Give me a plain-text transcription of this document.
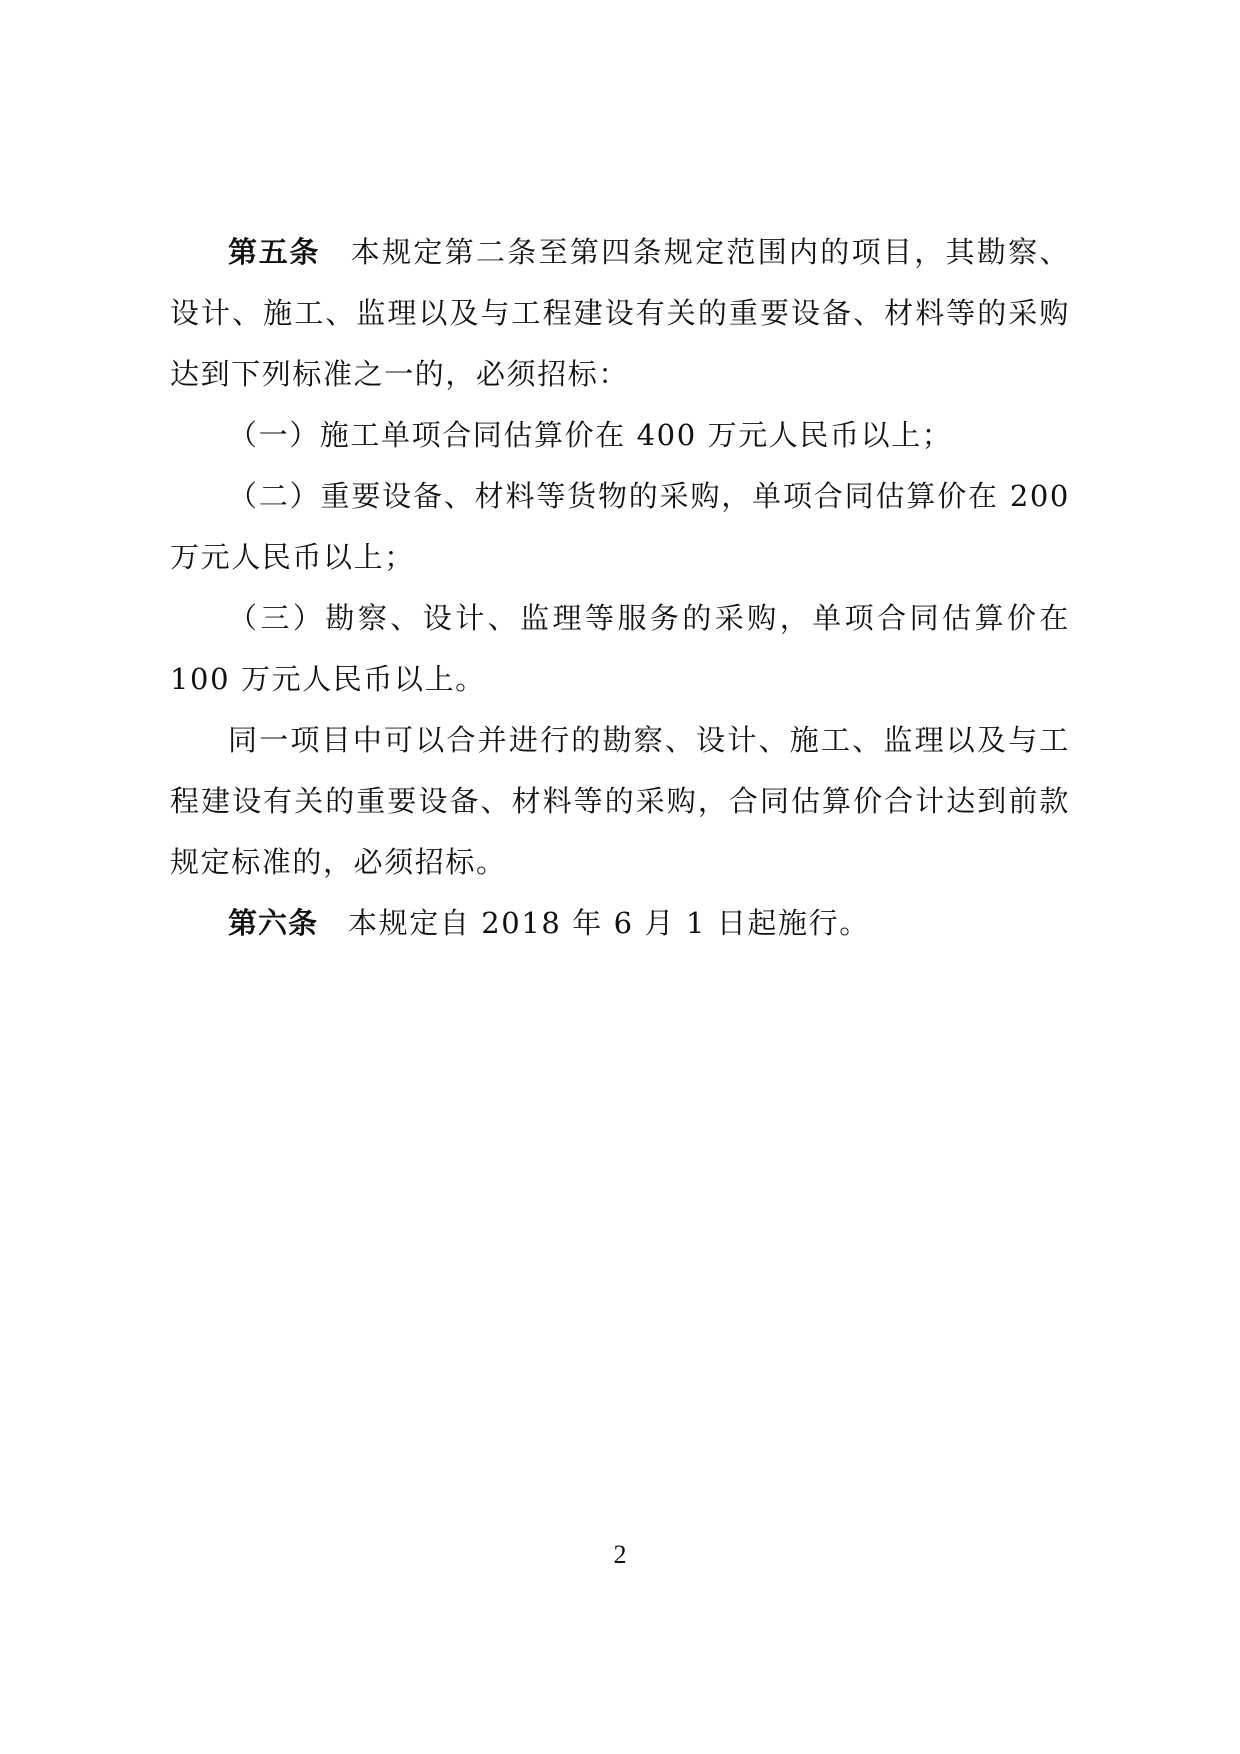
第五条 本规定第二条至第四条规定范围内的项目，其勘察、设计、施工、监理以及与工程建设有关的重要设备、材料等的采购达到下列标准之一的，必须招标：

（一）施工单项合同估算价在 400 万元人民币以上；

（二）重要设备、材料等货物的采购，单项合同估算价在 200 万元人民币以上；

（三）勘察、设计、监理等服务的采购，单项合同估算价在 100 万元人民币以上。

同一项目中可以合并进行的勘察、设计、施工、监理以及与工程建设有关的重要设备、材料等的采购，合同估算价合计达到前款规定标准的，必须招标。

第六条 本规定自 2018 年 6 月 1 日起施行。

2
